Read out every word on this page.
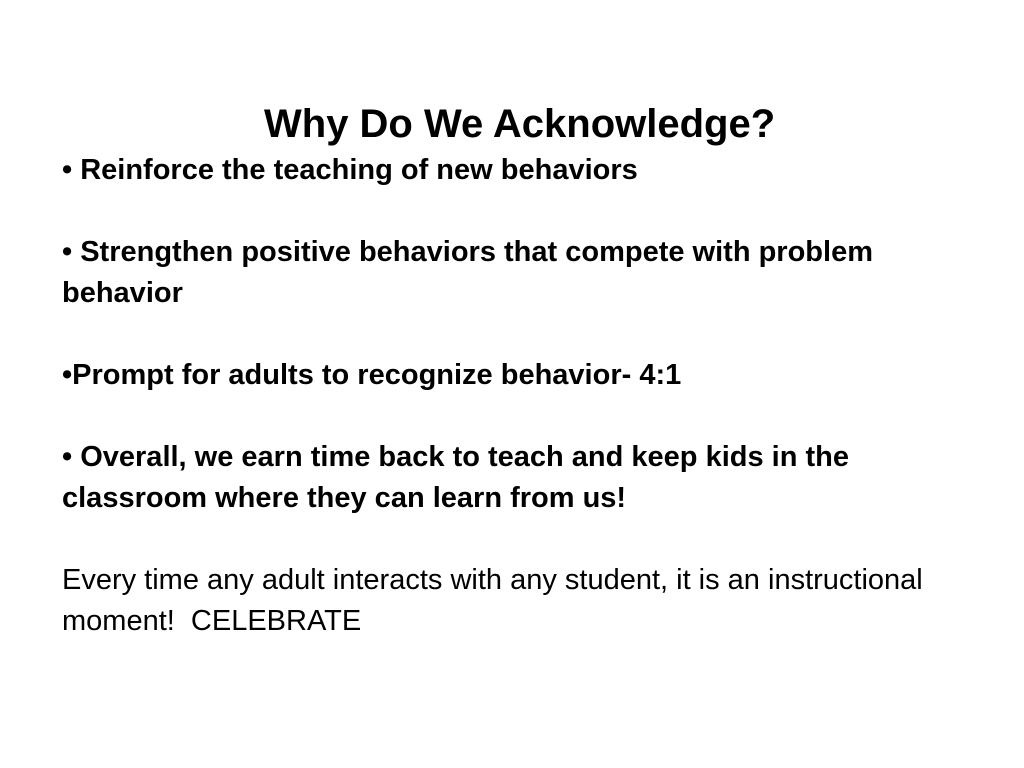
Why Do We Acknowledge?

• Reinforce the teaching of new behaviors

• Strengthen positive behaviors that compete with problem behavior

•Prompt for adults to recognize behavior- 4:1

• Overall, we earn time back to teach and keep kids in the classroom where they can learn from us!

Every time any adult interacts with any student, it is an instructional moment!  CELEBRATE
